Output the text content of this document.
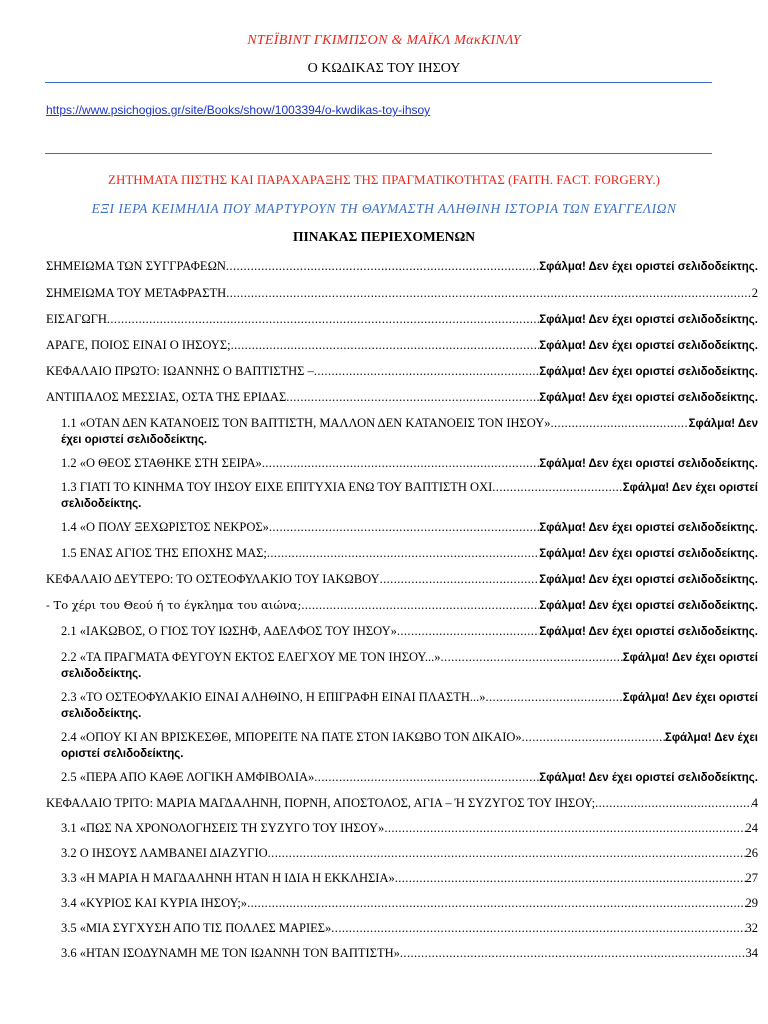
ΝΤΕΪΒΙΝΤ ΓΚΙΜΠΣΟΝ & ΜΑΪΚΛ ΜακΚΙΝΛΥ
Ο ΚΩΔΙΚΑΣ ΤΟΥ ΙΗΣΟΥ
https://www.psichogios.gr/site/Books/show/1003394/o-kwdikas-toy-ihsoy
ΖΗΤΗΜΑΤΑ ΠΙΣΤΗΣ ΚΑΙ ΠΑΡΑΧΑΡΑΞΗΣ ΤΗΣ ΠΡΑΓΜΑΤΙΚΟΤΗΤΑΣ (FAITH. FACT. FORGERY.)
ΕΞΙ ΙΕΡΑ ΚΕΙΜΗΛΙΑ ΠΟΥ ΜΑΡΤΥΡΟΥΝ ΤΗ ΘΑΥΜΑΣΤΗ ΑΛΗΘΙΝΗ ΙΣΤΟΡΙΑ ΤΩΝ ΕΥΑΓΓΕΛΙΩΝ
ΠΙΝΑΚΑΣ ΠΕΡΙΕΧΟΜΕΝΩΝ
ΣΗΜΕΙΩΜΑ ΤΩΝ ΣΥΓΓΡΑΦΕΩΝ .....	Σφάλμα! Δεν έχει οριστεί σελιδοδείκτης.
ΣΗΜΕΙΩΜΑ ΤΟΥ ΜΕΤΑΦΡΑΣΤΗ .....	2
ΕΙΣΑΓΩΓΗ .....	Σφάλμα! Δεν έχει οριστεί σελιδοδείκτης.
ΑΡΑΓΕ, ΠΟΙΟΣ ΕΙΝΑΙ Ο ΙΗΣΟΥΣ; .....	Σφάλμα! Δεν έχει οριστεί σελιδοδείκτης.
ΚΕΦΑΛΑΙΟ ΠΡΩΤΟ: ΙΩΑΝΝΗΣ Ο ΒΑΠΤΙΣΤΗΣ – .....	Σφάλμα! Δεν έχει οριστεί σελιδοδείκτης.
ΑΝΤΙΠΑΛΟΣ ΜΕΣΣΙΑΣ, ΟΣΤΑ ΤΗΣ ΕΡΙΔΑΣ .....	Σφάλμα! Δεν έχει οριστεί σελιδοδείκτης.
1.1 «ΟΤΑΝ ΔΕΝ ΚΑΤΑΝΟΕΙΣ ΤΟΝ ΒΑΠΤΙΣΤΗ, ΜΑΛΛΟΝ ΔΕΝ ΚΑΤΑΝΟΕΙΣ ΤΟΝ ΙΗΣΟΥ» .....	Σφάλμα! Δεν
έχει οριστεί σελιδοδείκτης.
1.2 «Ο ΘΕΟΣ ΣΤΑΘΗΚΕ ΣΤΗ ΣΕΙΡΑ» .....	Σφάλμα! Δεν έχει οριστεί σελιδοδείκτης.
1.3 ΓΙΑΤΙ ΤΟ ΚΙΝΗΜΑ ΤΟΥ ΙΗΣΟΥ ΕΙΧΕ ΕΠΙΤΥΧΙΑ ΕΝΩ ΤΟΥ ΒΑΠΤΙΣΤΗ ΟΧΙ .....	Σφάλμα! Δεν έχει οριστεί
σελιδοδείκτης.
1.4 «Ο ΠΟΛΥ ΞΕΧΩΡΙΣΤΟΣ ΝΕΚΡΟΣ» .....	Σφάλμα! Δεν έχει οριστεί σελιδοδείκτης.
1.5 ΕΝΑΣ ΑΓΙΟΣ ΤΗΣ ΕΠΟΧΗΣ ΜΑΣ; .....	Σφάλμα! Δεν έχει οριστεί σελιδοδείκτης.
ΚΕΦΑΛΑΙΟ ΔΕΥΤΕΡΟ: ΤΟ ΟΣΤΕΟΦΥΛΑΚΙΟ ΤΟΥ ΙΑΚΩΒΟΥ .....	Σφάλμα! Δεν έχει οριστεί σελιδοδείκτης.
- Το χέρι του Θεού ή το έγκλημα του αιώνα; .....	Σφάλμα! Δεν έχει οριστεί σελιδοδείκτης.
2.1 «ΙΑΚΩΒΟΣ, Ο ΓΙΟΣ ΤΟΥ ΙΩΣΗΦ, ΑΔΕΛΦΟΣ ΤΟΥ ΙΗΣΟΥ» .....	Σφάλμα! Δεν έχει οριστεί σελιδοδείκτης.
2.2 «ΤΑ ΠΡΑΓΜΑΤΑ ΦΕΥΓΟΥΝ ΕΚΤΟΣ ΕΛΕΓΧΟΥ ΜΕ ΤΟΝ ΙΗΣΟΥ...» .....	Σφάλμα! Δεν έχει οριστεί
σελιδοδείκτης.
2.3 «ΤΟ ΟΣΤΕΟΦΥΛΑΚΙΟ ΕΙΝΑΙ ΑΛΗΘΙΝΟ, Η ΕΠΙΓΡΑΦΗ ΕΙΝΑΙ ΠΛΑΣΤΗ...» .....	Σφάλμα! Δεν έχει οριστεί
σελιδοδείκτης.
2.4 «ΟΠΟΥ ΚΙ ΑΝ ΒΡΙΣΚΕΣΘΕ, ΜΠΟΡΕΙΤΕ ΝΑ ΠΑΤΕ ΣΤΟΝ ΙΑΚΩΒΟ ΤΟΝ ΔΙΚΑΙΟ» .....	Σφάλμα! Δεν έχει
οριστεί σελιδοδείκτης.
2.5 «ΠΕΡΑ ΑΠΟ ΚΑΘΕ ΛΟΓΙΚΗ ΑΜΦΙΒΟΛΙΑ» .....	Σφάλμα! Δεν έχει οριστεί σελιδοδείκτης.
ΚΕΦΑΛΑΙΟ ΤΡΙΤΟ: ΜΑΡΙΑ ΜΑΓΔΑΛΗΝΗ, ΠΟΡΝΗ, ΑΠΟΣΤΟΛΟΣ, ΑΓΙΑ – Ή ΣΥΖΥΓΟΣ ΤΟΥ ΙΗΣΟΥ; .....	4
3.1 «ΠΩΣ ΝΑ ΧΡΟΝΟΛΟΓΗΣΕΙΣ ΤΗ ΣΥΖΥΓΟ ΤΟΥ ΙΗΣΟΥ» .....	24
3.2 Ο ΙΗΣΟΥΣ ΛΑΜΒΑΝΕΙ ΔΙΑΖΥΓΙΟ .....	26
3.3 «Η ΜΑΡΙΑ Η ΜΑΓΔΑΛΗΝΗ ΗΤΑΝ Η ΙΔΙΑ Η ΕΚΚΛΗΣΙΑ» .....	27
3.4 «ΚΥΡΙΟΣ ΚΑΙ ΚΥΡΙΑ ΙΗΣΟΥ;» .....	29
3.5 «ΜΙΑ ΣΥΓΧΥΣΗ ΑΠΟ ΤΙΣ ΠΟΛΛΕΣ ΜΑΡΙΕΣ» .....	32
3.6 «ΗΤΑΝ ΙΣΟΔΥΝΑΜΗ ΜΕ ΤΟΝ ΙΩΑΝΝΗ ΤΟΝ ΒΑΠΤΙΣΤΗ» .....	34
